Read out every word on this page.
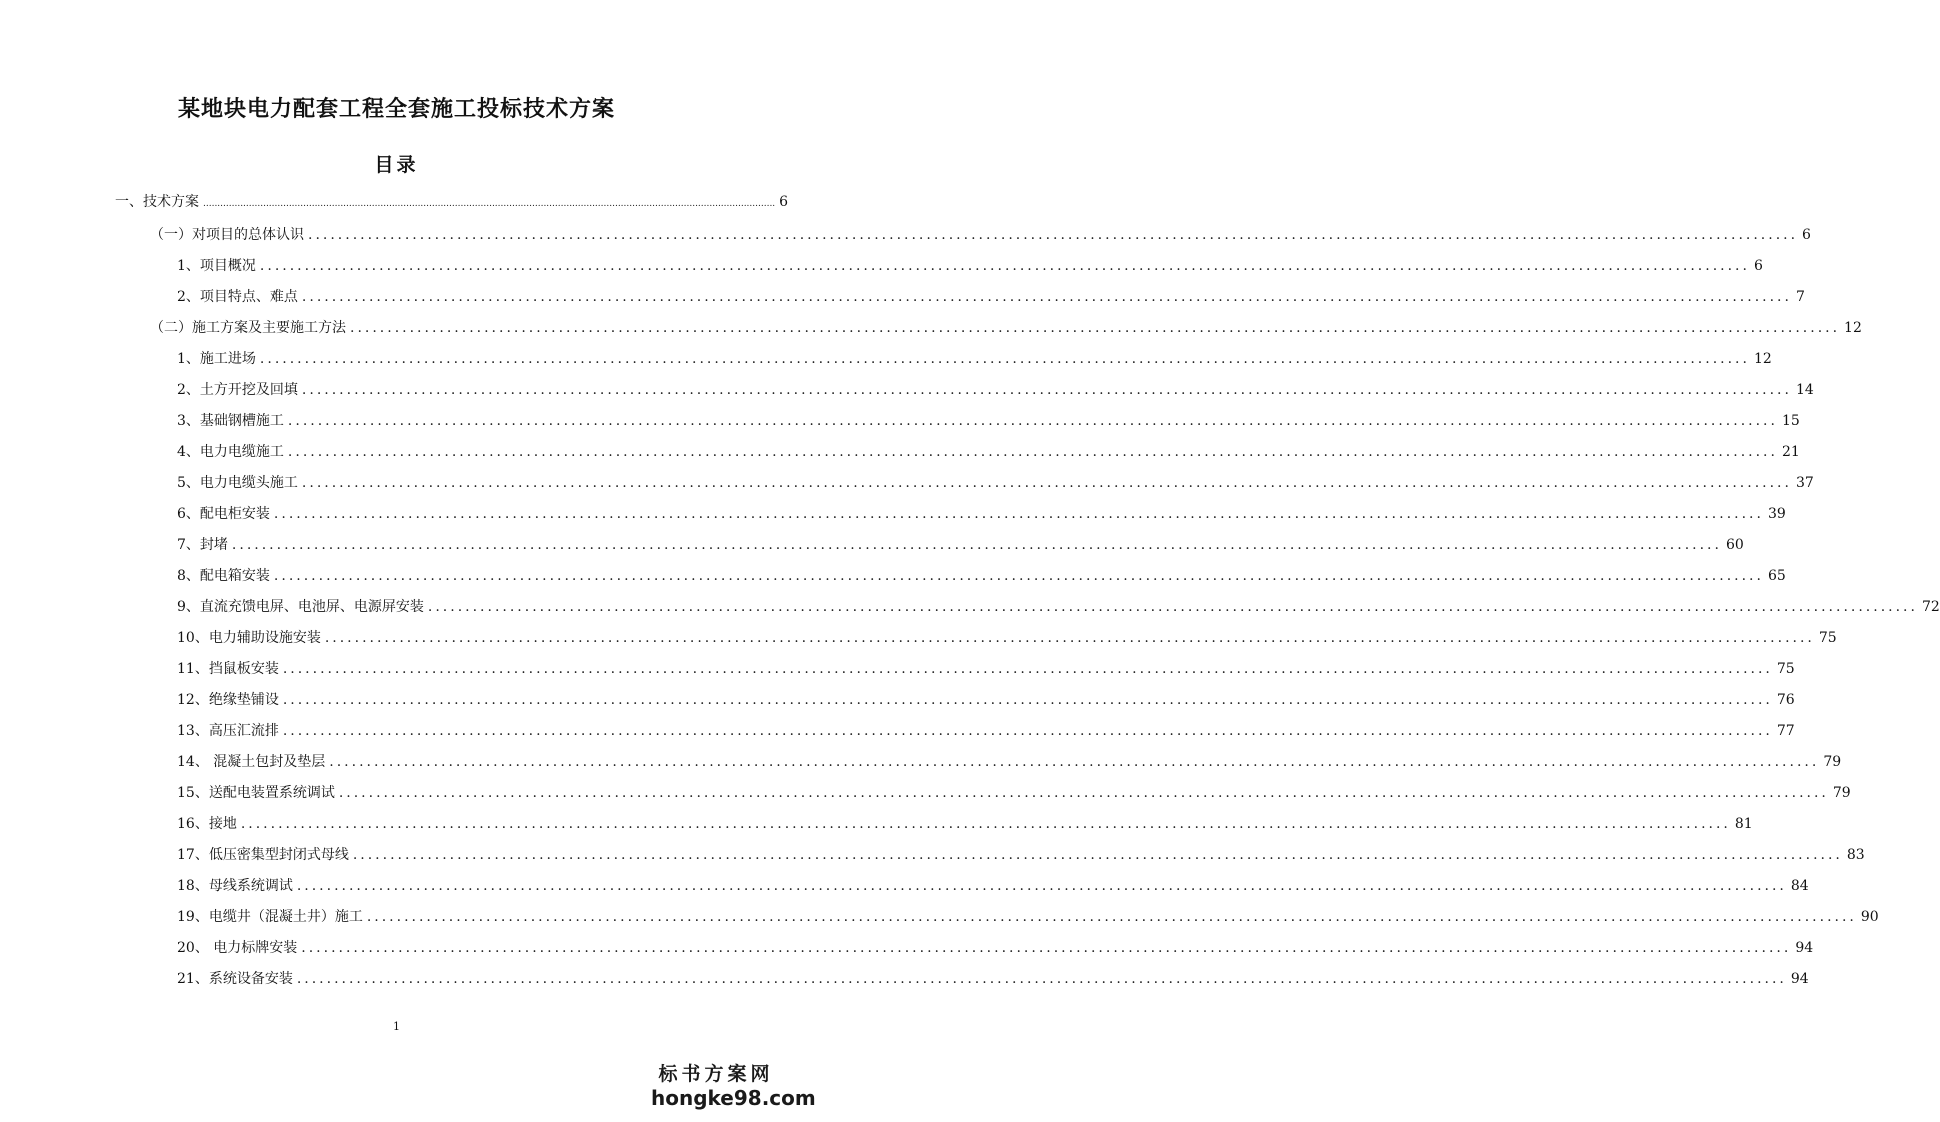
某地块电力配套工程全套施工投标技术方案
目录
一、技术方案 ........................................................................................................................................................................................................ 6
（一）对项目的总体认识 ........................................................................................................................................................................................................ 6
1、项目概况 ........................................................................................................................................................................................................ 6
2、项目特点、难点 ........................................................................................................................................................................................................ 7
（二）施工方案及主要施工方法 ........................................................................................................................................................................................................ 12
1、施工进场 ........................................................................................................................................................................................................ 12
2、土方开挖及回填 ........................................................................................................................................................................................................ 14
3、基础钢槽施工 ........................................................................................................................................................................................................ 15
4、电力电缆施工 ........................................................................................................................................................................................................ 21
5、电力电缆头施工 ........................................................................................................................................................................................................ 37
6、配电柜安装 ........................................................................................................................................................................................................ 39
7、封堵 ........................................................................................................................................................................................................ 60
8、配电箱安装 ........................................................................................................................................................................................................ 65
9、直流充馈电屏、电池屏、电源屏安装 ........................................................................................................................................................................................................ 72
10、电力辅助设施安装 ........................................................................................................................................................................................................ 75
11、挡鼠板安装 ........................................................................................................................................................................................................ 75
12、绝缘垫铺设 ........................................................................................................................................................................................................ 76
13、高压汇流排 ........................................................................................................................................................................................................ 77
14、 混凝土包封及垫层 ........................................................................................................................................................................................................ 79
15、送配电装置系统调试 ........................................................................................................................................................................................................ 79
16、接地 ........................................................................................................................................................................................................ 81
17、低压密集型封闭式母线 ........................................................................................................................................................................................................ 83
18、母线系统调试 ........................................................................................................................................................................................................ 84
19、电缆井（混凝土井）施工 ........................................................................................................................................................................................................ 90
20、 电力标牌安装 ........................................................................................................................................................................................................ 94
21、系统设备安装 ........................................................................................................................................................................................................ 94
1
标书方案网
hongke98.com
